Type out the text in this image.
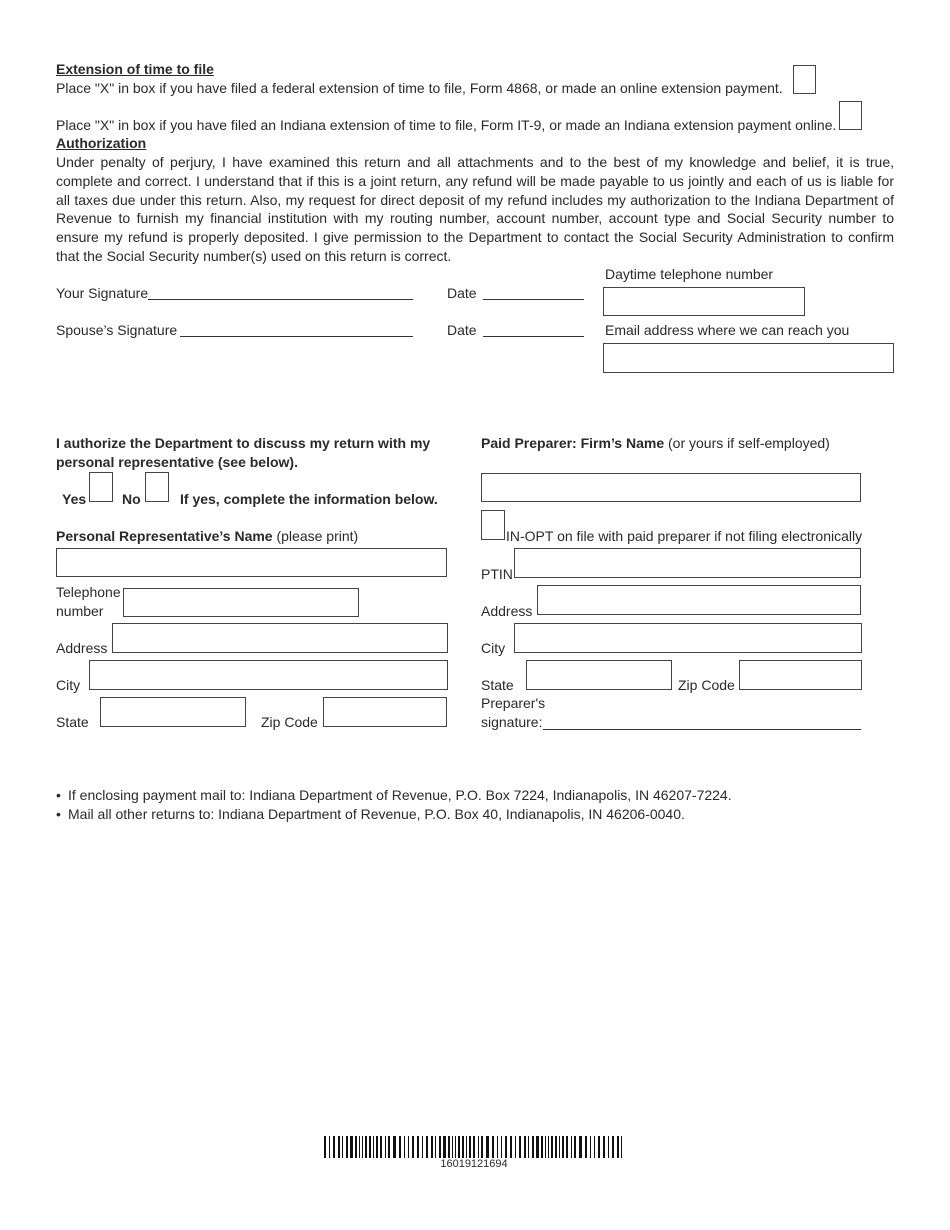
Extension of time to file
Place "X" in box if you have filed a federal extension of time to file, Form 4868, or made an online extension payment.
Place "X" in box if you have filed an Indiana extension of time to file, Form IT-9, or made an Indiana extension payment online.
Authorization
Under penalty of perjury, I have examined this return and all attachments and to the best of my knowledge and belief, it is true, complete and correct. I understand that if this is a joint return, any refund will be made payable to us jointly and each of us is liable for all taxes due under this return. Also, my request for direct deposit of my refund includes my authorization to the Indiana Department of Revenue to furnish my financial institution with my routing number, account number, account type and Social Security number to ensure my refund is properly deposited. I give permission to the Department to contact the Social Security Administration to confirm that the Social Security number(s) used on this return is correct.
Daytime telephone number
Your Signature	Date
Spouse’s Signature	Date	Email address where we can reach you
I authorize the Department to discuss my return with my personal representative (see below).
Yes	No	If yes, complete the information below.
Personal Representative’s Name (please print)
Telephone
number
Address
City
State	Zip Code
Paid Preparer: Firm’s Name (or yours if self-employed)
IN-OPT on file with paid preparer if not filing electronically
PTIN
Address
City
State	Zip Code
Preparer's
signature:
• If enclosing payment mail to: Indiana Department of Revenue, P.O. Box 7224, Indianapolis, IN 46207-7224.
• Mail all other returns to: Indiana Department of Revenue, P.O. Box 40, Indianapolis, IN 46206-0040.
16019121694
